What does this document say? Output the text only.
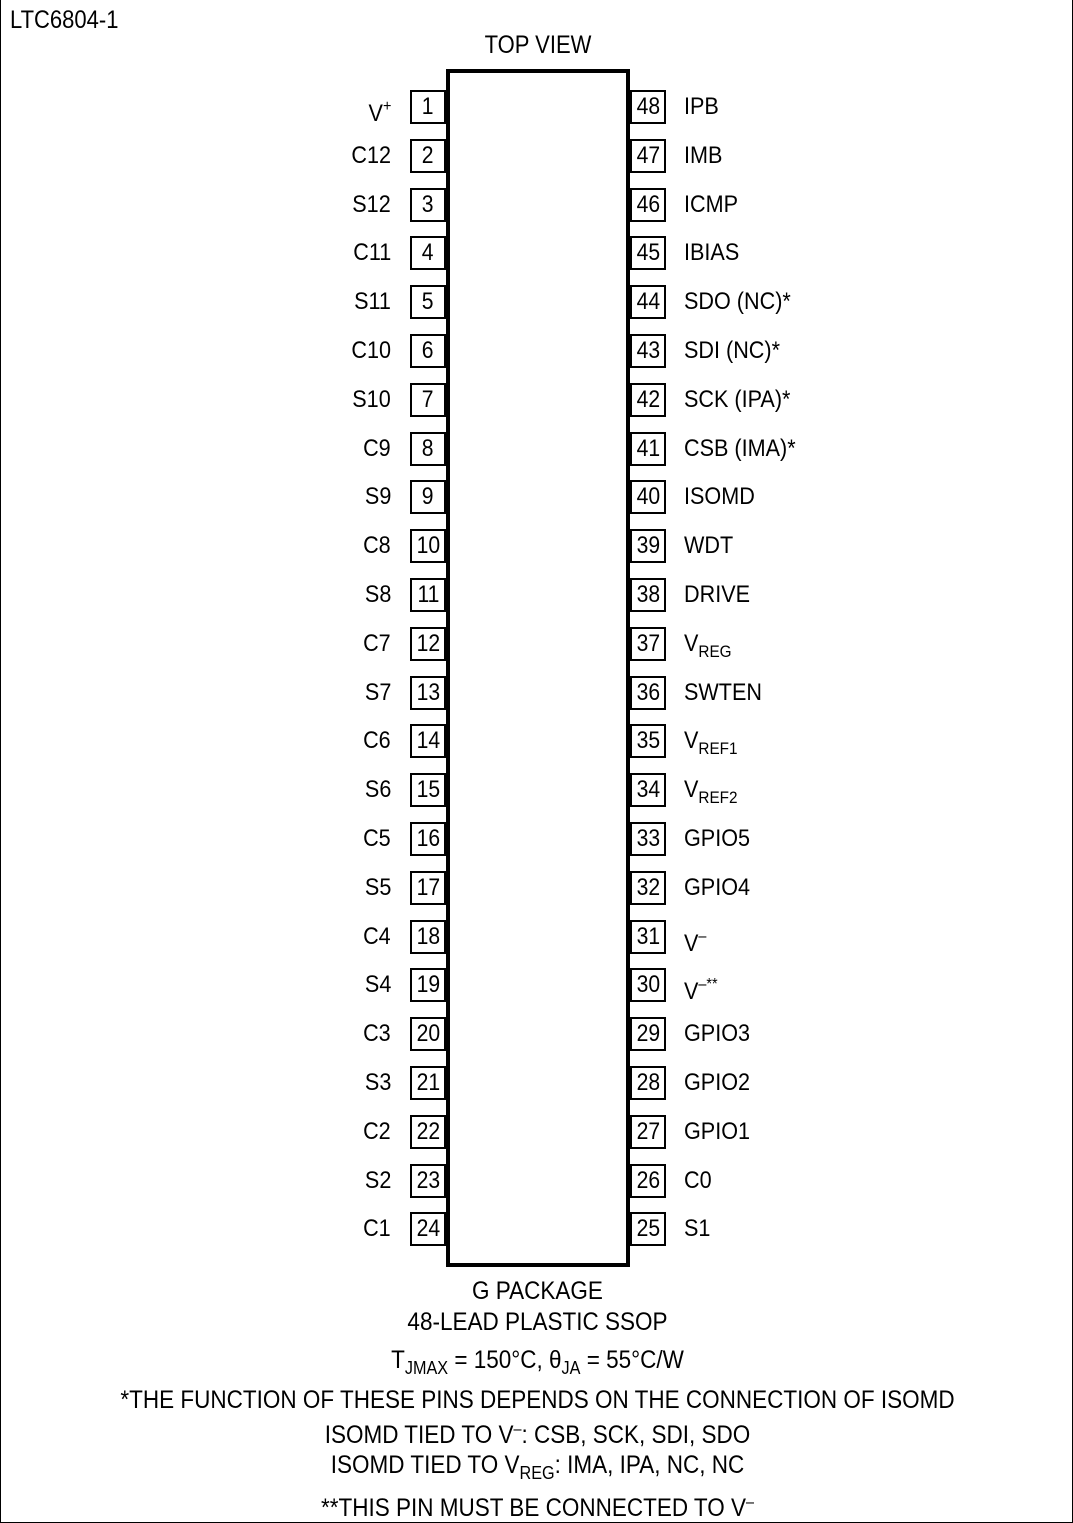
LTC6804-1
TOP VIEW
1
V+
2
C12
3
S12
4
C11
5
S11
6
C10
7
S10
8
C9
9
S9
10
C8
11
S8
12
C7
13
S7
14
C6
15
S6
16
C5
17
S5
18
C4
19
S4
20
C3
21
S3
22
C2
23
S2
24
C1
48 IPB
47 IMB
46 ICMP
45 IBIAS
44 SDO (NC)*
43 SDI (NC)*
42 SCK (IPA)*
41 CSB (IMA)*
40 ISOMD
39 WDT
38 DRIVE
37 $V_{REG}$
36 SWTEN
35 $V_{REF1}$
34 $V_{REF2}$
33 GPIO5
32 GPIO4
31 V–
30 V–**
29 GPIO3
28 GPIO2
27 GPIO1
26 C0
25 S1
G PACKAGE
48-LEAD PLASTIC SSOP
$T_{JMAX} = 150^\circ C$, $\theta_{JA} = 55^\circ C/W$
*THE FUNCTION OF THESE PINS DEPENDS ON THE CONNECTION OF ISOMD
ISOMD TIED TO V–: CSB, SCK, SDI, SDO
ISOMD TIED TO $V_{REG}$: IMA, IPA, NC, NC
**THIS PIN MUST BE CONNECTED TO V–
